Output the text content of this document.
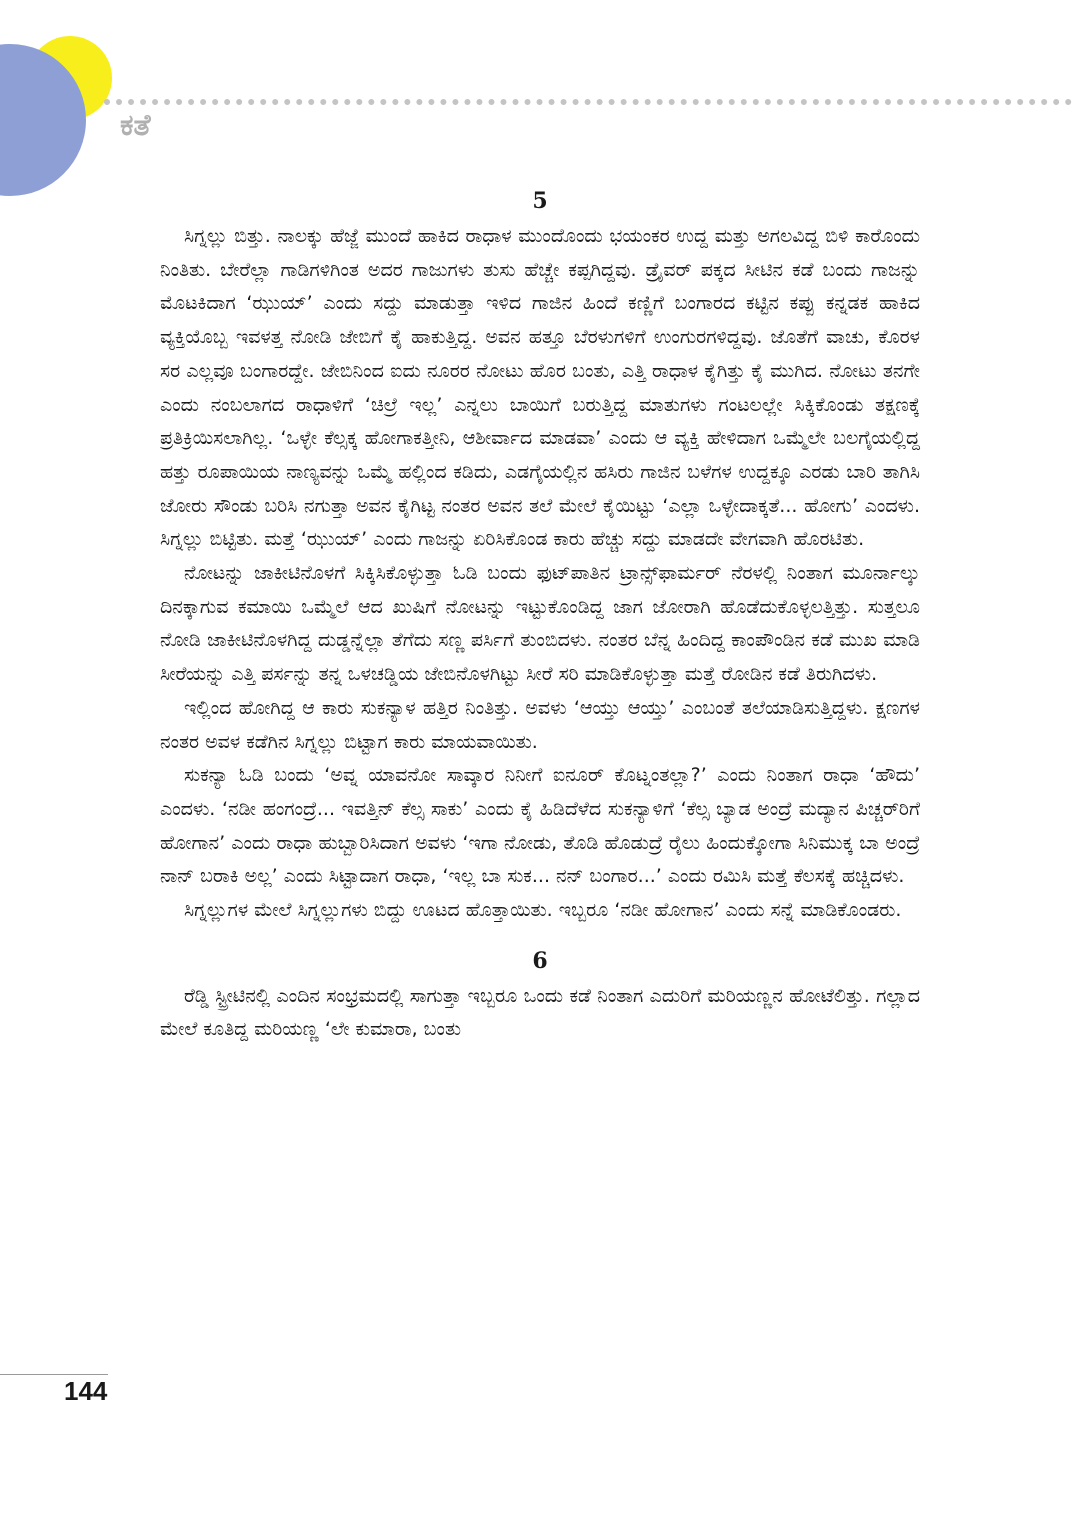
ಕತೆ
5

ಸಿಗ್ನಲ್ಲು ಬಿತ್ತು. ನಾಲಕ್ಕು ಹೆಜ್ಜೆ ಮುಂದೆ ಹಾಕಿದ ರಾಧಾಳ ಮುಂದೊಂದು ಭಯಂಕರ ಉದ್ದ ಮತ್ತು ಅಗಲವಿದ್ದ ಬಿಳಿ ಕಾರೊಂದು ನಿಂತಿತು. ಬೇರೆಲ್ಲಾ ಗಾಡಿಗಳಿಗಿಂತ ಅದರ ಗಾಜುಗಳು ತುಸು ಹೆಚ್ಚೇ ಕಪ್ಪಗಿದ್ದವು. ಡ್ರೈವರ್ ಪಕ್ಕದ ಸೀಟಿನ ಕಡೆ ಬಂದು ಗಾಜನ್ನು ಮೊಟಕಿದಾಗ ‘ಝುಯ್’ ಎಂದು ಸದ್ದು ಮಾಡುತ್ತಾ ಇಳಿದ ಗಾಜಿನ ಹಿಂದೆ ಕಣ್ಣಿಗೆ ಬಂಗಾರದ ಕಟ್ಟಿನ ಕಪ್ಪು ಕನ್ನಡಕ ಹಾಕಿದ ವ್ಯಕ್ತಿಯೊಬ್ಬ ಇವಳತ್ತ ನೋಡಿ ಜೇಬಿಗೆ ಕೈ ಹಾಕುತ್ತಿದ್ದ. ಅವನ ಹತ್ತೂ ಬೆರಳುಗಳಿಗೆ ಉಂಗುರಗಳಿದ್ದವು. ಜೊತೆಗೆ ವಾಚು, ಕೊರಳ ಸರ ಎಲ್ಲವೂ ಬಂಗಾರದ್ದೇ. ಜೇಬಿನಿಂದ ಐದು ನೂರರ ನೋಟು ಹೊರ ಬಂತು, ಎತ್ತಿ ರಾಧಾಳ ಕೈಗಿತ್ತು ಕೈ ಮುಗಿದ. ನೋಟು ತನಗೇ ಎಂದು ನಂಬಲಾಗದ ರಾಧಾಳಿಗೆ ‘ಚಿಲ್ರೆ ಇಲ್ಲ’ ಎನ್ನಲು ಬಾಯಿಗೆ ಬರುತ್ತಿದ್ದ ಮಾತುಗಳು ಗಂಟಲಲ್ಲೇ ಸಿಕ್ಕಿಕೊಂಡು ತಕ್ಷಣಕ್ಕೆ ಪ್ರತಿಕ್ರಿಯಿಸಲಾಗಿಲ್ಲ. ‘ಒಳ್ಳೇ ಕೆಲ್ಸಕ್ಕ ಹೋಗಾಕತ್ತೀನಿ, ಆಶೀರ್ವಾದ ಮಾಡವಾ’ ಎಂದು ಆ ವ್ಯಕ್ತಿ ಹೇಳಿದಾಗ ಒಮ್ಮೆಲೇ ಬಲಗೈಯಲ್ಲಿದ್ದ ಹತ್ತು ರೂಪಾಯಿಯ ನಾಣ್ಯವನ್ನು ಒಮ್ಮೆ ಹಲ್ಲಿಂದ ಕಡಿದು, ಎಡಗೈಯಲ್ಲಿನ ಹಸಿರು ಗಾಜಿನ ಬಳೆಗಳ ಉದ್ದಕ್ಕೂ ಎರಡು ಬಾರಿ ತಾಗಿಸಿ ಜೋರು ಸೌಂಡು ಬರಿಸಿ ನಗುತ್ತಾ ಅವನ ಕೈಗಿಟ್ಟ ನಂತರ ಅವನ ತಲೆ ಮೇಲೆ ಕೈಯಿಟ್ಟು ‘ಎಲ್ಲಾ ಒಳ್ಳೇದಾಕ್ಕತೆ... ಹೋಗು’ ಎಂದಳು. ಸಿಗ್ನಲ್ಲು ಬಿಟ್ಟಿತು. ಮತ್ತೆ ‘ಝುಯ್’ ಎಂದು ಗಾಜನ್ನು ಏರಿಸಿಕೊಂಡ ಕಾರು ಹೆಚ್ಚು ಸದ್ದು ಮಾಡದೇ ವೇಗವಾಗಿ ಹೊರಟಿತು.

ನೋಟನ್ನು ಜಾಕೀಟಿನೊಳಗೆ ಸಿಕ್ಕಿಸಿಕೊಳ್ಳುತ್ತಾ ಓಡಿ ಬಂದು ಫುಟ್‌ಪಾತಿನ ಟ್ರಾನ್ಸ್‌ಫಾರ್ಮರ್ ನೆರಳಲ್ಲಿ ನಿಂತಾಗ ಮೂರ್ನಾಲ್ಕು ದಿನಕ್ಕಾಗುವ ಕಮಾಯಿ ಒಮ್ಮೆಲೆ ಆದ ಖುಷಿಗೆ ನೋಟನ್ನು ಇಟ್ಟುಕೊಂಡಿದ್ದ ಜಾಗ ಜೋರಾಗಿ ಹೊಡೆದುಕೊಳ್ಳಲತ್ತಿತ್ತು. ಸುತ್ತಲೂ ನೋಡಿ ಜಾಕೀಟಿನೊಳಗಿದ್ದ ದುಡ್ಡನ್ನೆಲ್ಲಾ ತೆಗೆದು ಸಣ್ಣ ಪರ್ಸಿಗೆ ತುಂಬಿದಳು. ನಂತರ ಬೆನ್ನ ಹಿಂದಿದ್ದ ಕಾಂಪೌಂಡಿನ ಕಡೆ ಮುಖ ಮಾಡಿ ಸೀರೆಯನ್ನು ಎತ್ತಿ ಪರ್ಸನ್ನು ತನ್ನ ಒಳಚಡ್ಡಿಯ ಜೇಬಿನೊಳಗಿಟ್ಟು ಸೀರೆ ಸರಿ ಮಾಡಿಕೊಳ್ಳುತ್ತಾ ಮತ್ತೆ ರೋಡಿನ ಕಡೆ ತಿರುಗಿದಳು.

ಇಲ್ಲಿಂದ ಹೋಗಿದ್ದ ಆ ಕಾರು ಸುಕನ್ಯಾಳ ಹತ್ತಿರ ನಿಂತಿತ್ತು. ಅವಳು ‘ಆಯ್ತು ಆಯ್ತು’ ಎಂಬಂತೆ ತಲೆಯಾಡಿಸುತ್ತಿದ್ದಳು. ಕ್ಷಣಗಳ ನಂತರ ಅವಳ ಕಡೆಗಿನ ಸಿಗ್ನಲ್ಲು ಬಿಟ್ಟಾಗ ಕಾರು ಮಾಯವಾಯಿತು.

ಸುಕನ್ಯಾ ಓಡಿ ಬಂದು ‘ಅವ್ನ ಯಾವನೋ ಸಾವ್ಕಾರ ನಿನೀಗೆ ಐನೂರ್ ಕೊಟ್ನಂತಲ್ಲಾ?’ ಎಂದು ನಿಂತಾಗ ರಾಧಾ ‘ಹೌದು’ ಎಂದಳು. ‘ನಡೀ ಹಂಗಂದ್ರೆ... ಇವತ್ತಿನ್ ಕೆಲ್ಸ ಸಾಕು’ ಎಂದು ಕೈ ಹಿಡಿದೆಳೆದ ಸುಕನ್ಯಾಳಿಗೆ ‘ಕೆಲ್ಸ ಬ್ಯಾಡ ಅಂದ್ರೆ ಮದ್ಯಾನ ಪಿಚ್ಚರ್‌ರಿಗೆ ಹೋಗಾನ’ ಎಂದು ರಾಧಾ ಹುಬ್ಬಾರಿಸಿದಾಗ ಅವಳು ‘ಇಗಾ ನೋಡು, ತೊಡಿ ಹೊಡುದ್ರೆ ರೈಲು ಹಿಂದುಕ್ಕೋಗಾ ಸಿನಿಮುಕ್ಕ ಬಾ ಅಂದ್ರೆ ನಾನ್ ಬರಾಕಿ ಅಲ್ಲ’ ಎಂದು ಸಿಟ್ಟಾದಾಗ ರಾಧಾ, ‘ಇಲ್ಲ ಬಾ ಸುಕ... ನನ್ ಬಂಗಾರ...’ ಎಂದು ರಮಿಸಿ ಮತ್ತೆ ಕೆಲಸಕ್ಕೆ ಹಚ್ಚಿದಳು.

ಸಿಗ್ನಲ್ಲುಗಳ ಮೇಲೆ ಸಿಗ್ನಲ್ಲುಗಳು ಬಿದ್ದು ಊಟದ ಹೊತ್ತಾಯಿತು. ಇಬ್ಬರೂ ‘ನಡೀ ಹೋಗಾನ’ ಎಂದು ಸನ್ನೆ ಮಾಡಿಕೊಂಡರು.

6

ರೆಡ್ಡಿ ಸ್ಟ್ರೀಟಿನಲ್ಲಿ ಎಂದಿನ ಸಂಭ್ರಮದಲ್ಲಿ ಸಾಗುತ್ತಾ ಇಬ್ಬರೂ ಒಂದು ಕಡೆ ನಿಂತಾಗ ಎದುರಿಗೆ ಮರಿಯಣ್ಣನ ಹೋಟೆಲಿತ್ತು. ಗಲ್ಲಾದ ಮೇಲೆ ಕೂತಿದ್ದ ಮರಿಯಣ್ಣ ‘ಲೇ ಕುಮಾರಾ, ಬಂತು

144
